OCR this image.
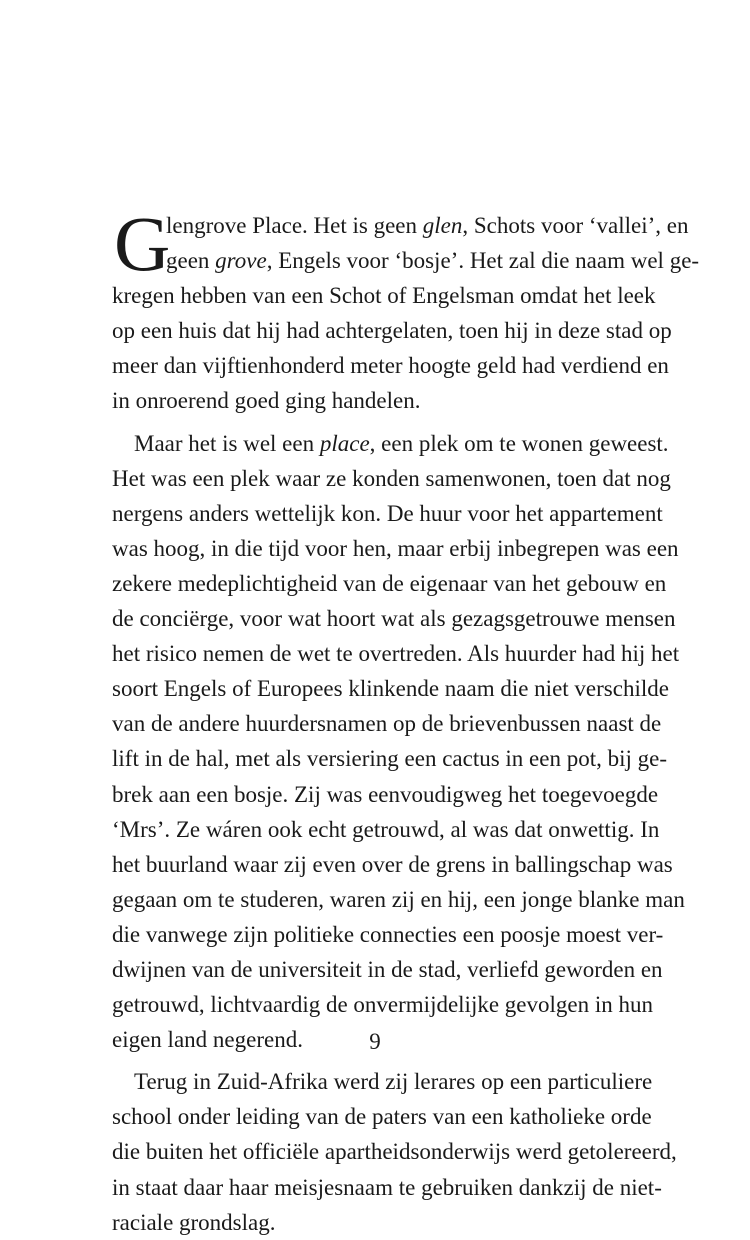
G
lengrove Place. Het is geen glen, Schots voor ‘vallei’, en
geen grove, Engels voor ‘bosje’. Het zal die naam wel ge-
kregen hebben van een Schot of Engelsman omdat het leek
op een huis dat hij had achtergelaten, toen hij in deze stad op
meer dan vijftienhonderd meter hoogte geld had verdiend en
in onroerend goed ging handelen.
Maar het is wel een place, een plek om te wonen geweest.
Het was een plek waar ze konden samenwonen, toen dat nog
nergens anders wettelijk kon. De huur voor het appartement
was hoog, in die tijd voor hen, maar erbij inbegrepen was een
zekere medeplichtigheid van de eigenaar van het gebouw en
de conciërge, voor wat hoort wat als gezagsgetrouwe mensen
het risico nemen de wet te overtreden. Als huurder had hij het
soort Engels of Europees klinkende naam die niet verschilde
van de andere huurdersnamen op de brievenbussen naast de
lift in de hal, met als versiering een cactus in een pot, bij ge-
brek aan een bosje. Zij was eenvoudigweg het toegevoegde
‘Mrs’. Ze wáren ook echt getrouwd, al was dat onwettig. In
het buurland waar zij even over de grens in ballingschap was
gegaan om te studeren, waren zij en hij, een jonge blanke man
die vanwege zijn politieke connecties een poosje moest ver-
dwijnen van de universiteit in de stad, verliefd geworden en
getrouwd, lichtvaardig de onvermijdelijke gevolgen in hun
eigen land negerend.
Terug in Zuid-Afrika werd zij lerares op een particuliere
school onder leiding van de paters van een katholieke orde
die buiten het officiële apartheidsonderwijs werd getolereerd,
in staat daar haar meisjesnaam te gebruiken dankzij de niet-
raciale grondslag.
9
